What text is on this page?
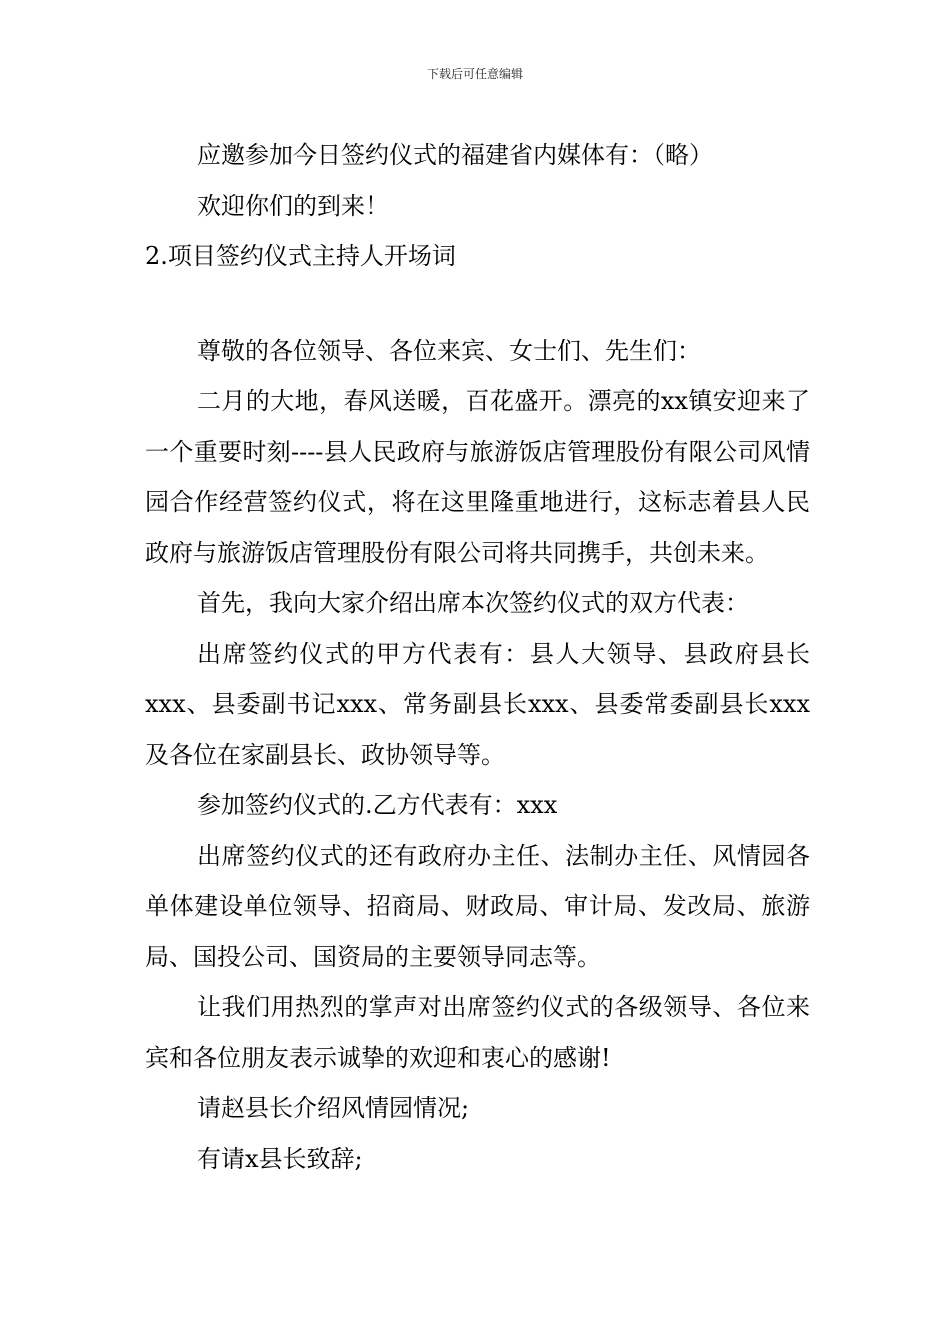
下载后可任意编辑

应邀参加今日签约仪式的福建省内媒体有：（略）

欢迎你们的到来！

2.项目签约仪式主持人开场词

尊敬的各位领导、各位来宾、女士们、先生们：

二月的大地，春风送暖，百花盛开。漂亮的xx镇安迎来了一个重要时刻----县人民政府与旅游饭店管理股份有限公司风情园合作经营签约仪式，将在这里隆重地进行，这标志着县人民政府与旅游饭店管理股份有限公司将共同携手，共创未来。

首先，我向大家介绍出席本次签约仪式的双方代表：

出席签约仪式的甲方代表有：县人大领导、县政府县长xxx、县委副书记xxx、常务副县长xxx、县委常委副县长xxx及各位在家副县长、政协领导等。

参加签约仪式的.乙方代表有：xxx

出席签约仪式的还有政府办主任、法制办主任、风情园各单体建设单位领导、招商局、财政局、审计局、发改局、旅游局、国投公司、国资局的主要领导同志等。

让我们用热烈的掌声对出席签约仪式的各级领导、各位来宾和各位朋友表示诚挚的欢迎和衷心的感谢!

请赵县长介绍风情园情况;

有请x县长致辞;
